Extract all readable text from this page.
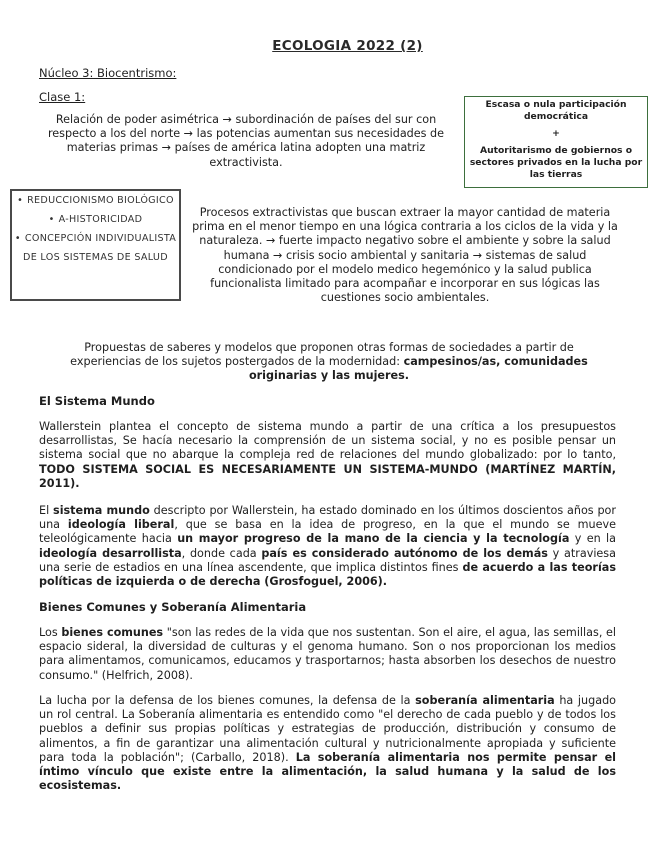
ECOLOGIA 2022 (2)
Núcleo 3: Biocentrismo:
Clase 1:
Relación de poder asimétrica → subordinación de países del sur con respecto a los del norte → las potencias aumentan sus necesidades de materias primas → países de américa latina adopten una matriz extractivista.
Escasa o nula participación democrática
+
Autoritarismo de gobiernos o sectores privados en la lucha por las tierras
• REDUCCIONISMO BIOLÓGICO
• A-HISTORICIDAD
• CONCEPCIÓN INDIVIDUALISTA DE LOS SISTEMAS DE SALUD
Procesos extractivistas que buscan extraer la mayor cantidad de materia prima en el menor tiempo en una lógica contraria a los ciclos de la vida y la naturaleza. → fuerte impacto negativo sobre el ambiente y sobre la salud humana → crisis socio ambiental y sanitaria → sistemas de salud condicionado por el modelo medico hegemónico y la salud publica funcionalista limitado para acompañar e incorporar en sus lógicas las cuestiones socio ambientales.
Propuestas de saberes y modelos que proponen otras formas de sociedades a partir de experiencias de los sujetos postergados de la modernidad: campesinos/as, comunidades originarias y las mujeres.
El Sistema Mundo
Wallerstein plantea el concepto de sistema mundo a partir de una crítica a los presupuestos desarrollistas, Se hacía necesario la comprensión de un sistema social, y no es posible pensar un sistema social que no abarque la compleja red de relaciones del mundo globalizado: por lo tanto, TODO SISTEMA SOCIAL ES NECESARIAMENTE UN SISTEMA-MUNDO (MARTÍNEZ MARTÍN, 2011).
El sistema mundo descripto por Wallerstein, ha estado dominado en los últimos doscientos años por una ideología liberal, que se basa en la idea de progreso, en la que el mundo se mueve teleológicamente hacia un mayor progreso de la mano de la ciencia y la tecnología y en la ideología desarrollista, donde cada país es considerado autónomo de los demás y atraviesa una serie de estadios en una línea ascendente, que implica distintos fines de acuerdo a las teorías políticas de izquierda o de derecha (Grosfoguel, 2006).
Bienes Comunes y Soberanía Alimentaria
Los bienes comunes "son las redes de la vida que nos sustentan. Son el aire, el agua, las semillas, el espacio sideral, la diversidad de culturas y el genoma humano. Son o nos proporcionan los medios para alimentamos, comunicamos, educamos y trasportarnos; hasta absorben los desechos de nuestro consumo." (Helfrich, 2008).
La lucha por la defensa de los bienes comunes, la defensa de la soberanía alimentaria ha jugado un rol central. La Soberanía alimentaria es entendido como "el derecho de cada pueblo y de todos los pueblos a definir sus propias políticas y estrategias de producción, distribución y consumo de alimentos, a fin de garantizar una alimentación cultural y nutricionalmente apropiada y suficiente para toda la población"; (Carballo, 2018). La soberanía alimentaria nos permite pensar el íntimo vínculo que existe entre la alimentación, la salud humana y la salud de los ecosistemas.
